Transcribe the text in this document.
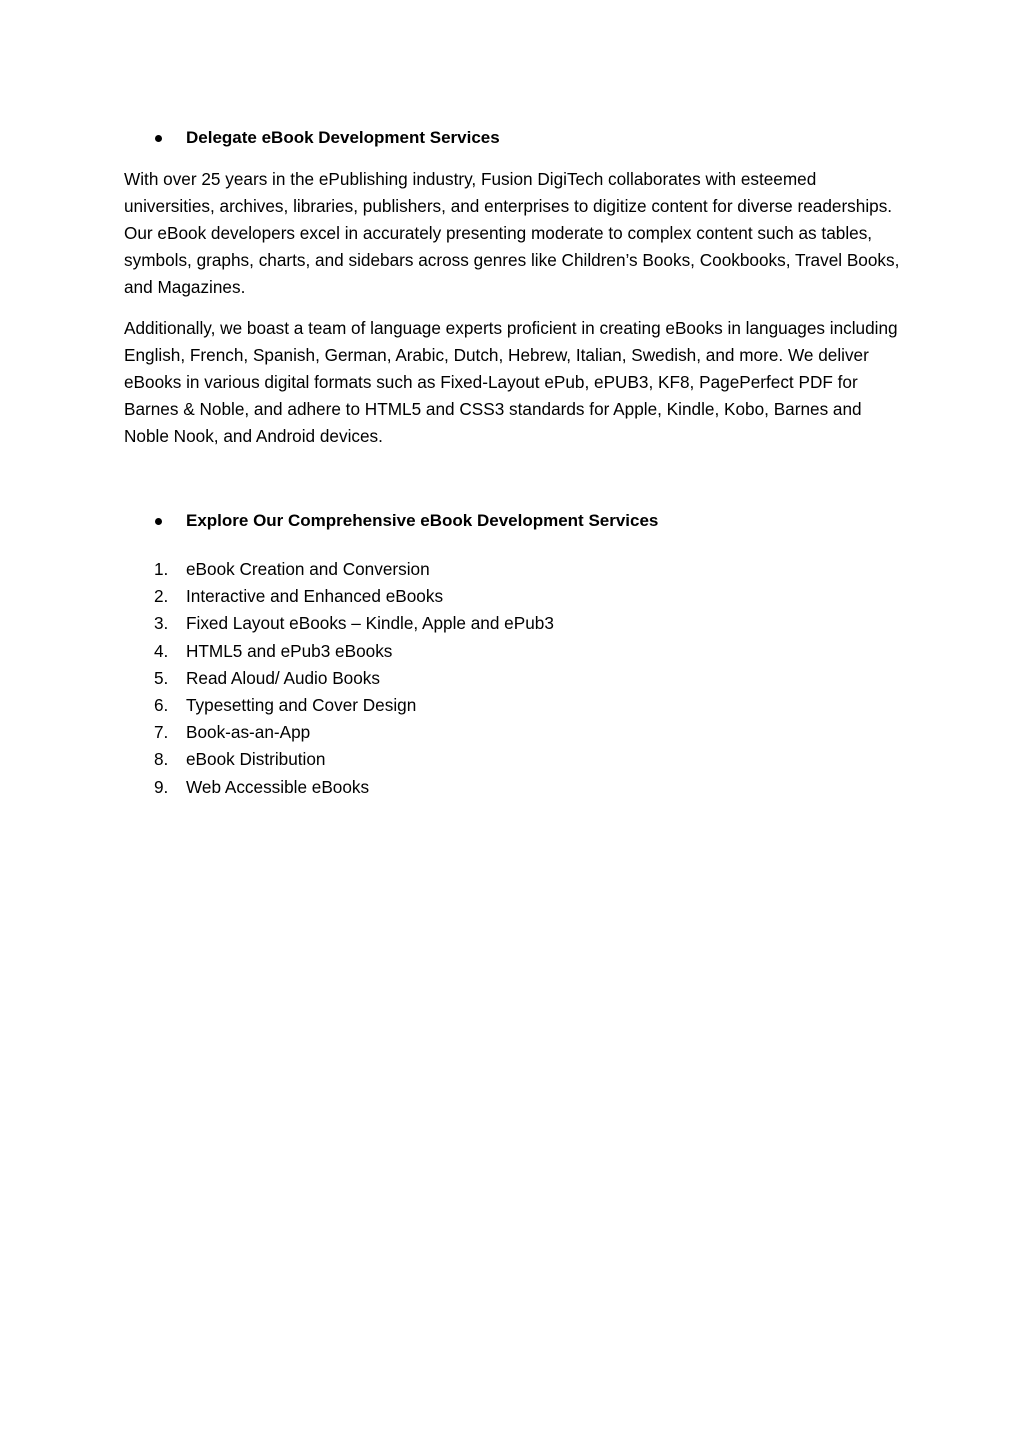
Delegate eBook Development Services

With over 25 years in the ePublishing industry, Fusion DigiTech collaborates with esteemed universities, archives, libraries, publishers, and enterprises to digitize content for diverse readerships. Our eBook developers excel in accurately presenting moderate to complex content such as tables, symbols, graphs, charts, and sidebars across genres like Children’s Books, Cookbooks, Travel Books, and Magazines.

Additionally, we boast a team of language experts proficient in creating eBooks in languages including English, French, Spanish, German, Arabic, Dutch, Hebrew, Italian, Swedish, and more. We deliver eBooks in various digital formats such as Fixed-Layout ePub, ePUB3, KF8, PagePerfect PDF for Barnes & Noble, and adhere to HTML5 and CSS3 standards for Apple, Kindle, Kobo, Barnes and Noble Nook, and Android devices.

Explore Our Comprehensive eBook Development Services
1. eBook Creation and Conversion
2. Interactive and Enhanced eBooks
3. Fixed Layout eBooks – Kindle, Apple and ePub3
4. HTML5 and ePub3 eBooks
5. Read Aloud/ Audio Books
6. Typesetting and Cover Design
7. Book-as-an-App
8. eBook Distribution
9. Web Accessible eBooks
